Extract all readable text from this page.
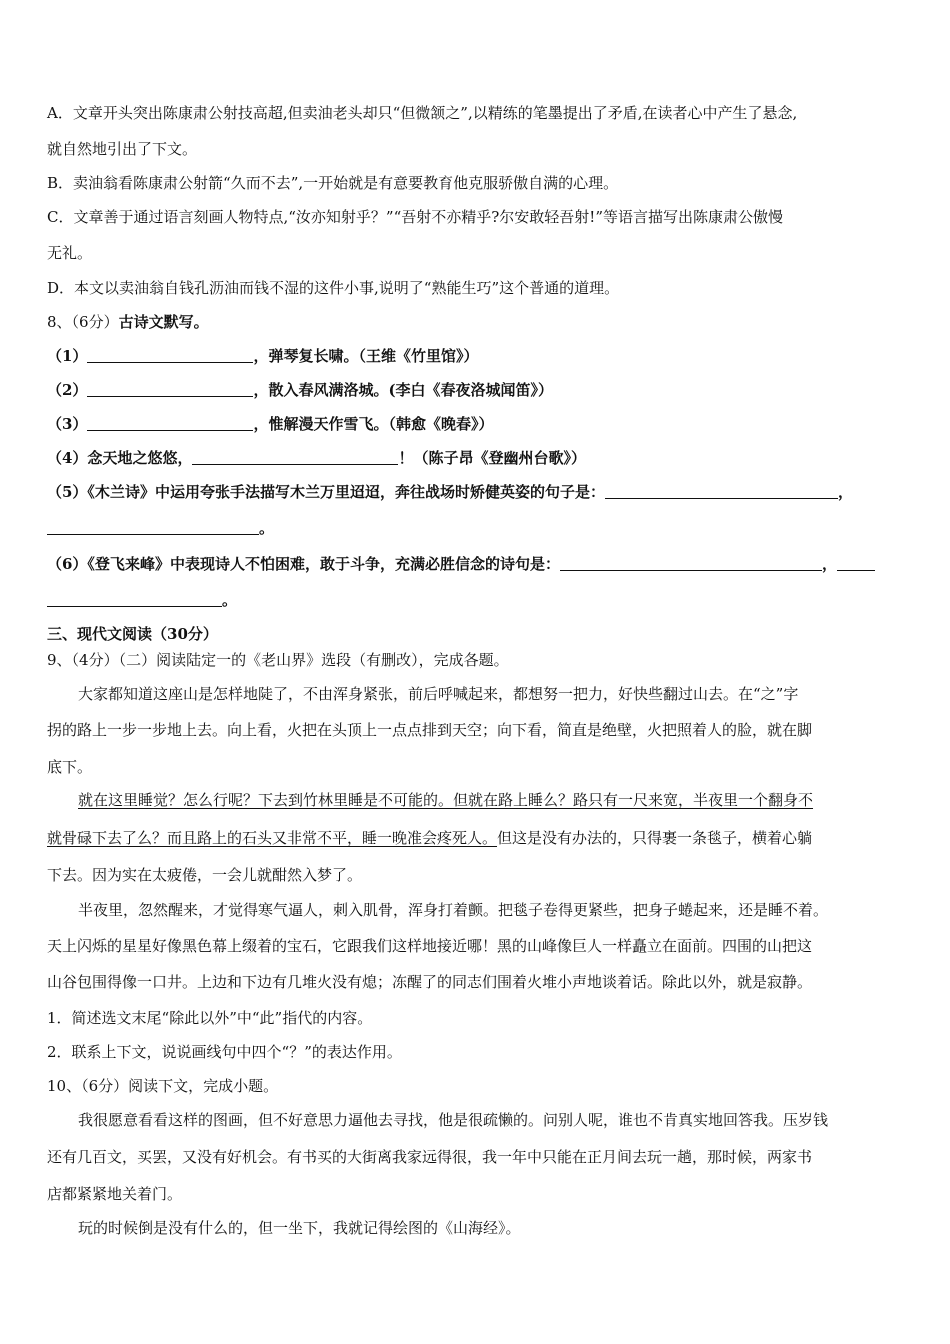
A．文章开头突出陈康肃公射技高超,但卖油老头却只“但微颔之”,以精练的笔墨提出了矛盾,在读者心中产生了悬念,
就自然地引出了下文。
B．卖油翁看陈康肃公射箭“久而不去”,一开始就是有意要教育他克服骄傲自满的心理。
C．文章善于通过语言刻画人物特点,“汝亦知射乎？”“吾射不亦精乎?尔安敢轻吾射!”等语言描写出陈康肃公傲慢
无礼。
D．本文以卖油翁自钱孔沥油而钱不湿的这件小事,说明了“熟能生巧”这个普通的道理。
8、（6分）古诗文默写。
（1）	，弹琴复长啸。（王维《竹里馆》）
（2）	，散入春风满洛城。(李白《春夜洛城闻笛》）
（3）	，惟解漫天作雪飞。（韩愈《晚春》）
（4）念天地之悠悠，	！（陈子昂《登幽州台歌》）
（5）《木兰诗》中运用夸张手法描写木兰万里迢迢，奔往战场时矫健英姿的句子是：	，
。
（6）《登飞来峰》中表现诗人不怕困难，敢于斗争，充满必胜信念的诗句是：	，
。
三、现代文阅读（30分）
9、（4分）（二）阅读陆定一的《老山界》选段（有删改），完成各题。
大家都知道这座山是怎样地陡了，不由浑身紧张，前后呼喊起来，都想努一把力，好快些翻过山去。在“之”字
拐的路上一步一步地上去。向上看，火把在头顶上一点点排到天空；向下看，简直是绝壁，火把照着人的脸，就在脚
底下。
就在这里睡觉？怎么行呢？下去到竹林里睡是不可能的。但就在路上睡么？路只有一尺来宽，半夜里一个翻身不
就骨碌下去了么？而且路上的石头又非常不平，睡一晚准会疼死人。但这是没有办法的，只得裹一条毯子，横着心躺
下去。因为实在太疲倦，一会儿就酣然入梦了。
半夜里，忽然醒来，才觉得寒气逼人，刺入肌骨，浑身打着颤。把毯子卷得更紧些，把身子蜷起来，还是睡不着。
天上闪烁的星星好像黑色幕上缀着的宝石，它跟我们这样地接近哪！黑的山峰像巨人一样矗立在面前。四围的山把这
山谷包围得像一口井。上边和下边有几堆火没有熄；冻醒了的同志们围着火堆小声地谈着话。除此以外，就是寂静。
1．简述选文末尾“除此以外”中“此”指代的内容。
2．联系上下文，说说画线句中四个“？”的表达作用。
10、（6分）阅读下文，完成小题。
我很愿意看看这样的图画，但不好意思力逼他去寻找，他是很疏懒的。问别人呢，谁也不肯真实地回答我。压岁钱
还有几百文，买罢，又没有好机会。有书买的大街离我家远得很，我一年中只能在正月间去玩一趟，那时候，两家书
店都紧紧地关着门。
玩的时候倒是没有什么的，但一坐下，我就记得绘图的《山海经》。
